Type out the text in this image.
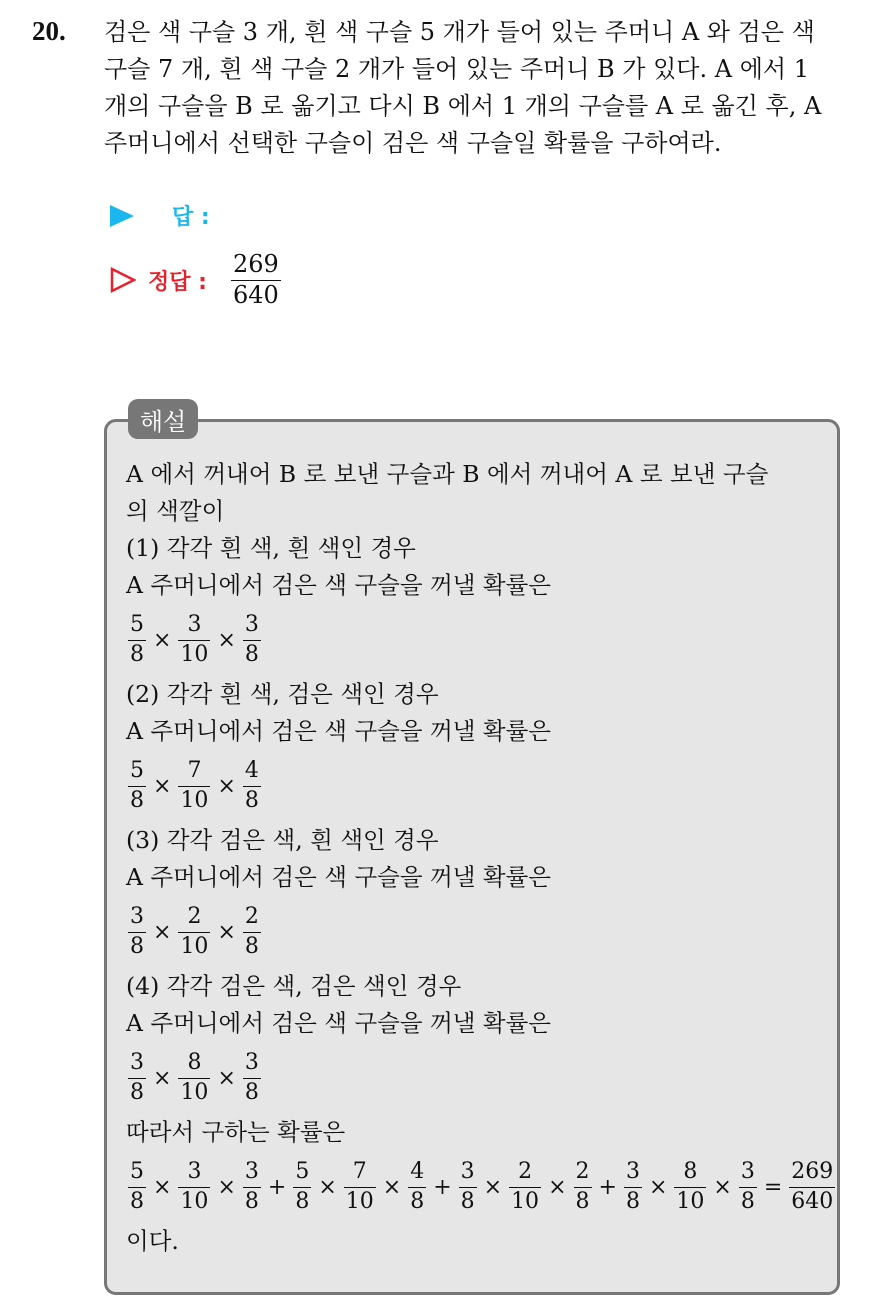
20. 검은 색 구슬 3 개, 흰 색 구슬 5 개가 들어 있는 주머니 A 와 검은 색
구슬 7 개, 흰 색 구슬 2 개가 들어 있는 주머니 B 가 있다. A 에서 1
개의 구슬을 B 로 옮기고 다시 B 에서 1 개의 구슬를 A 로 옮긴 후, A
주머니에서 선택한 구슬이 검은 색 구슬일 확률을 구하여라.
답 :
정답 : $\frac{269}{640}$
해설
A 에서 꺼내어 B 로 보낸 구슬과 B 에서 꺼내어 A 로 보낸 구슬
의 색깔이
(1) 각각 흰 색, 흰 색인 경우
A 주머니에서 검은 색 구슬을 꺼낼 확률은
$\frac{5}{8} \times \frac{3}{10} \times \frac{3}{8}$
(2) 각각 흰 색, 검은 색인 경우
A 주머니에서 검은 색 구슬을 꺼낼 확률은
$\frac{5}{8} \times \frac{7}{10} \times \frac{4}{8}$
(3) 각각 검은 색, 흰 색인 경우
A 주머니에서 검은 색 구슬을 꺼낼 확률은
$\frac{3}{8} \times \frac{2}{10} \times \frac{2}{8}$
(4) 각각 검은 색, 검은 색인 경우
A 주머니에서 검은 색 구슬을 꺼낼 확률은
$\frac{3}{8} \times \frac{8}{10} \times \frac{3}{8}$
따라서 구하는 확률은
$\frac{5}{8} \times \frac{3}{10} \times \frac{3}{8} + \frac{5}{8} \times \frac{7}{10} \times \frac{4}{8} + \frac{3}{8} \times \frac{2}{10} \times \frac{2}{8} + \frac{3}{8} \times \frac{8}{10} \times \frac{3}{8} = \frac{269}{640}$
이다.
